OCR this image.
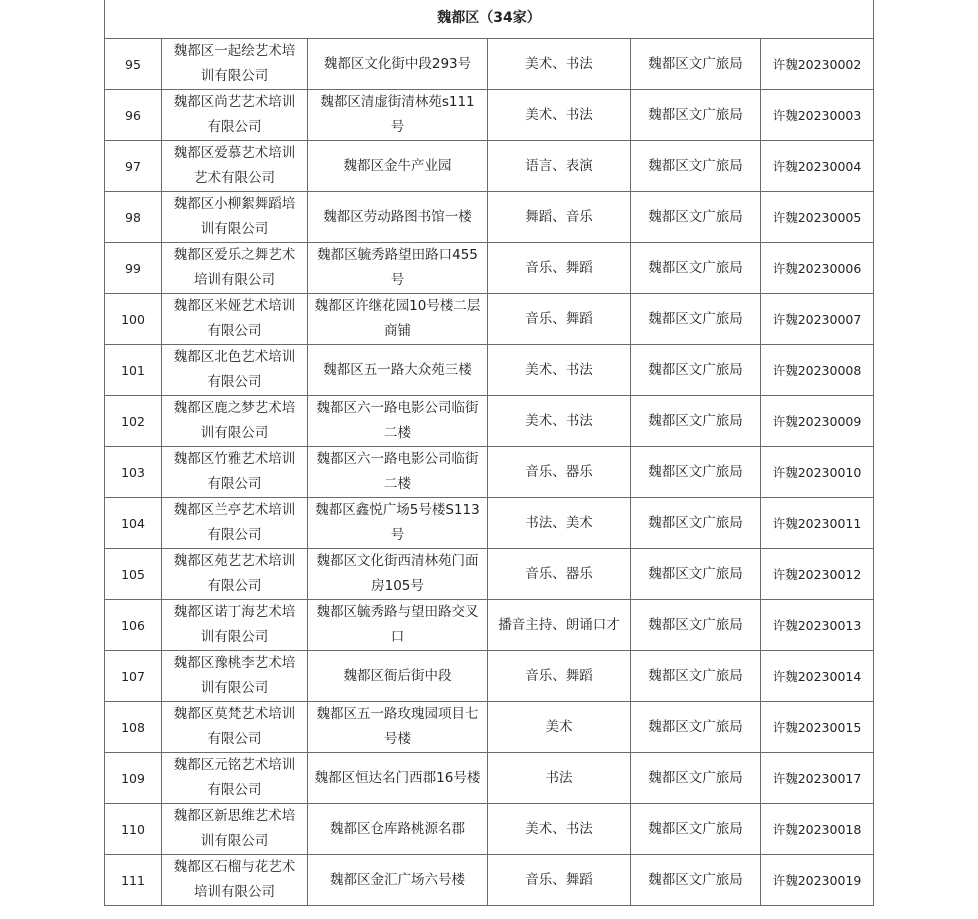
魏都区（34家）					
95	魏都区一起绘艺术培训有限公司	魏都区文化街中段293号	美术、书法	魏都区文广旅局	许魏20230002
96	魏都区尚艺艺术培训有限公司	魏都区清虚街清林苑s111号	美术、书法	魏都区文广旅局	许魏20230003
97	魏都区爱慕艺术培训艺术有限公司	魏都区金牛产业园	语言、表演	魏都区文广旅局	许魏20230004
98	魏都区小柳絮舞蹈培训有限公司	魏都区劳动路图书馆一楼	舞蹈、音乐	魏都区文广旅局	许魏20230005
99	魏都区爱乐之舞艺术培训有限公司	魏都区毓秀路望田路口455号	音乐、舞蹈	魏都区文广旅局	许魏20230006
100	魏都区米娅艺术培训有限公司	魏都区许继花园10号楼二层商铺	音乐、舞蹈	魏都区文广旅局	许魏20230007
101	魏都区北色艺术培训有限公司	魏都区五一路大众苑三楼	美术、书法	魏都区文广旅局	许魏20230008
102	魏都区鹿之梦艺术培训有限公司	魏都区六一路电影公司临街二楼	美术、书法	魏都区文广旅局	许魏20230009
103	魏都区竹雅艺术培训有限公司	魏都区六一路电影公司临街二楼	音乐、器乐	魏都区文广旅局	许魏20230010
104	魏都区兰亭艺术培训有限公司	魏都区鑫悦广场5号楼S113号	书法、美术	魏都区文广旅局	许魏20230011
105	魏都区苑艺艺术培训有限公司	魏都区文化街西清林苑门面房105号	音乐、器乐	魏都区文广旅局	许魏20230012
106	魏都区诺丁海艺术培训有限公司	魏都区毓秀路与望田路交叉口	播音主持、朗诵口才	魏都区文广旅局	许魏20230013
107	魏都区豫桃李艺术培训有限公司	魏都区衙后街中段	音乐、舞蹈	魏都区文广旅局	许魏20230014
108	魏都区莫梵艺术培训有限公司	魏都区五一路玫瑰园项目七号楼	美术	魏都区文广旅局	许魏20230015
109	魏都区元铭艺术培训有限公司	魏都区恒达名门西郡16号楼	书法	魏都区文广旅局	许魏20230017
110	魏都区新思维艺术培训有限公司	魏都区仓库路桃源名郡	美术、书法	魏都区文广旅局	许魏20230018
111	魏都区石榴与花艺术培训有限公司	魏都区金汇广场六号楼	音乐、舞蹈	魏都区文广旅局	许魏20230019
